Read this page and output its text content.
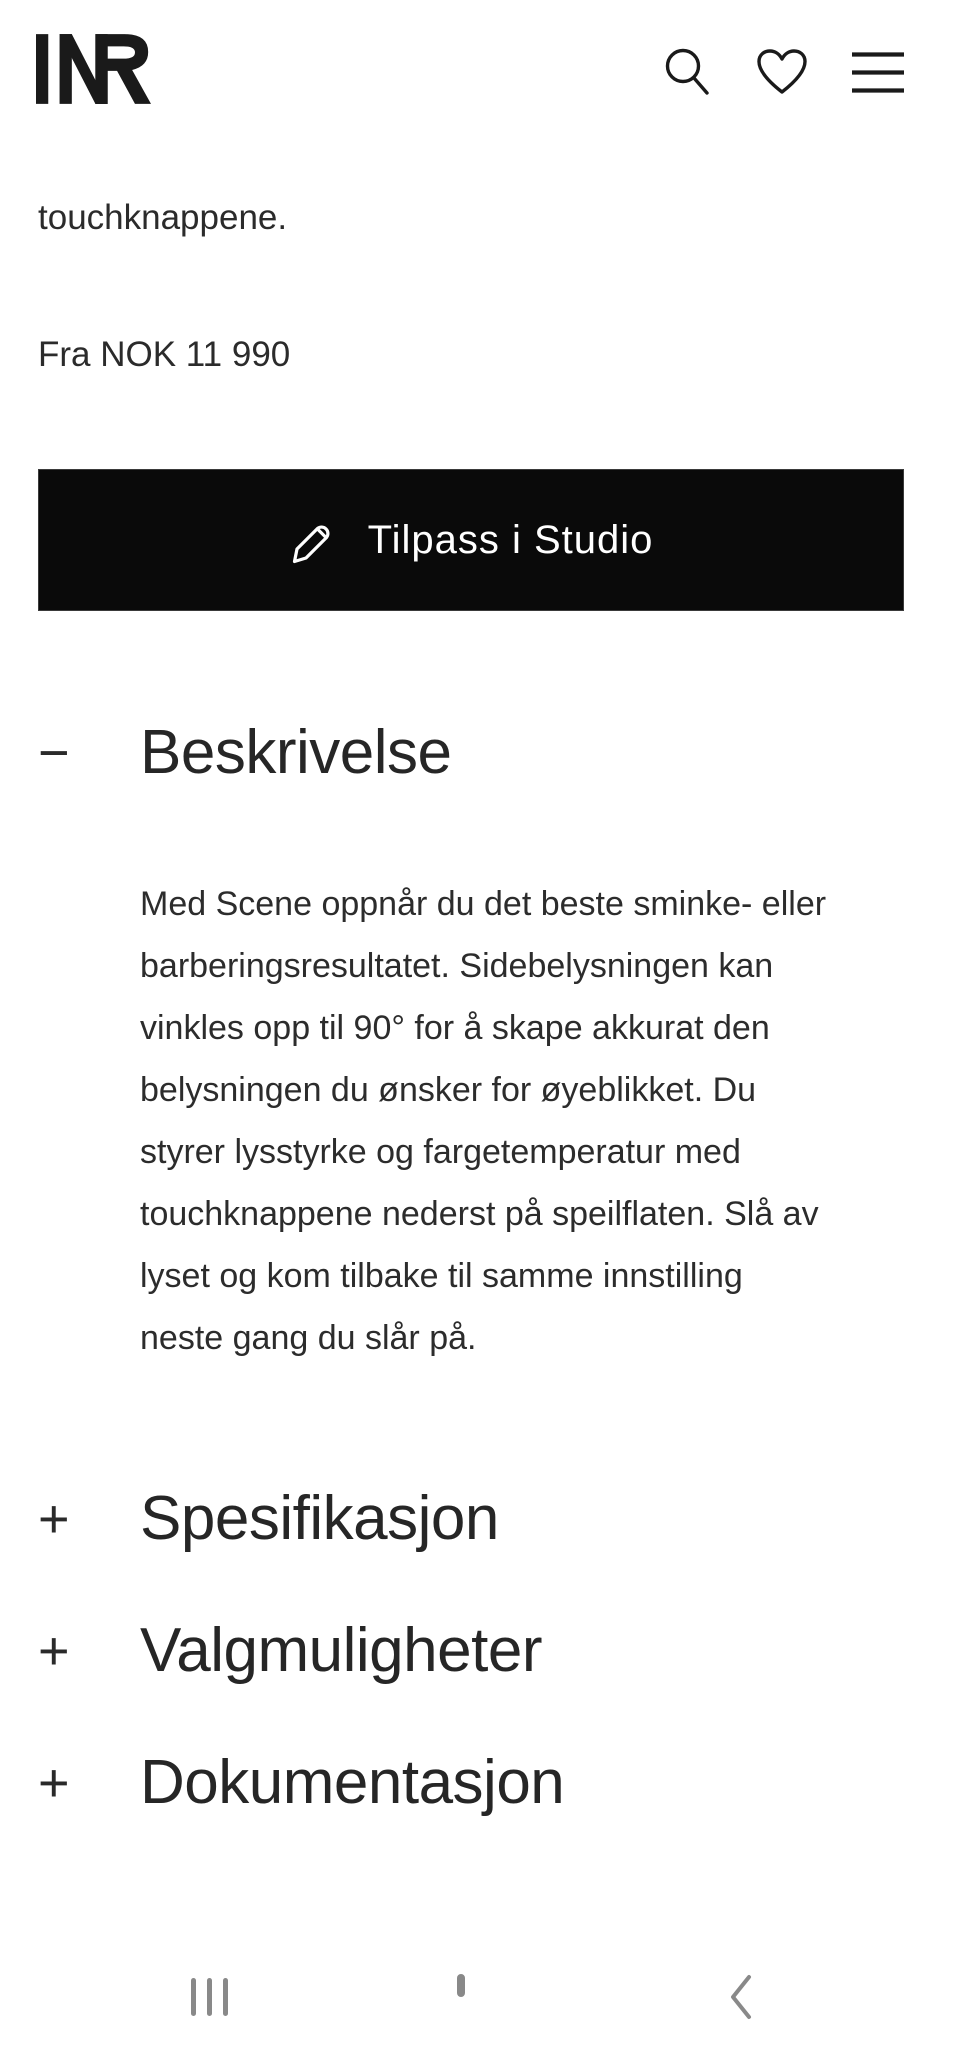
touchknappene.

Fra NOK 11 990

Tilpass i Studio
−	Beskrivelse
Med Scene oppnår du det beste sminke- eller
barberingsresultatet. Sidebelysningen kan
vinkles opp til 90° for å skape akkurat den
belysningen du ønsker for øyeblikket. Du
styrer lysstyrke og fargetemperatur med
touchknappene nederst på speilflaten. Slå av
lyset og kom tilbake til samme innstilling
neste gang du slår på.
+	Spesifikasjon
+	Valgmuligheter
+	Dokumentasjon
